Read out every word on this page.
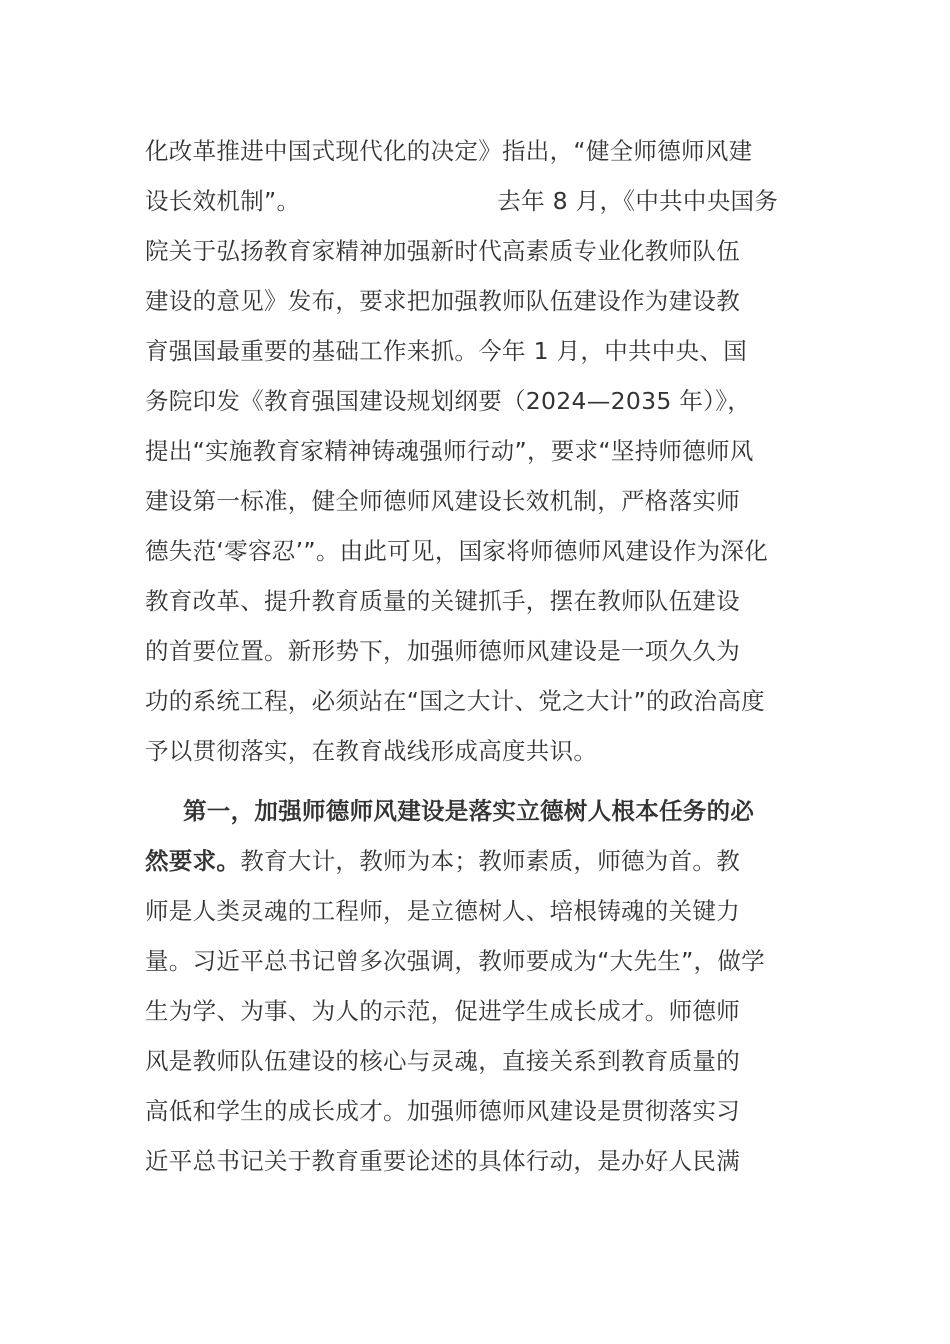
化改革推进中国式现代化的决定》指出，“健全师德师风建
设长效机制”。	去年 8 月，《中共中央国务
院关于弘扬教育家精神加强新时代高素质专业化教师队伍
建设的意见》发布，要求把加强教师队伍建设作为建设教
育强国最重要的基础工作来抓。今年 1 月，中共中央、国
务院印发《教育强国建设规划纲要（2024—2035 年）》，
提出“实施教育家精神铸魂强师行动”，要求“坚持师德师风
建设第一标准，健全师德师风建设长效机制，严格落实师
德失范‘零容忍’”。由此可见，国家将师德师风建设作为深化
教育改革、提升教育质量的关键抓手，摆在教师队伍建设
的首要位置。新形势下，加强师德师风建设是一项久久为
功的系统工程，必须站在“国之大计、党之大计”的政治高度
予以贯彻落实，在教育战线形成高度共识。
第一，加强师德师风建设是落实立德树人根本任务的必
然要求。教育大计，教师为本；教师素质，师德为首。教
师是人类灵魂的工程师，是立德树人、培根铸魂的关键力
量。习近平总书记曾多次强调，教师要成为“大先生”，做学
生为学、为事、为人的示范，促进学生成长成才。师德师
风是教师队伍建设的核心与灵魂，直接关系到教育质量的
高低和学生的成长成才。加强师德师风建设是贯彻落实习
近平总书记关于教育重要论述的具体行动，是办好人民满
